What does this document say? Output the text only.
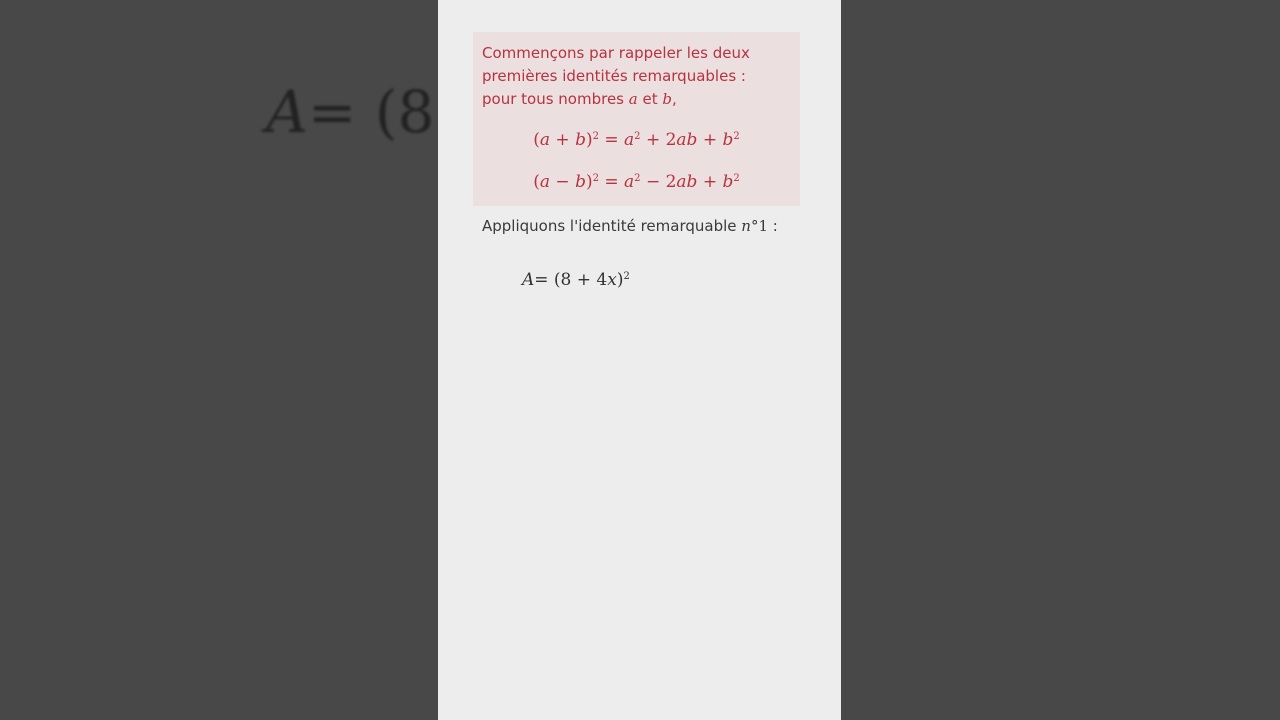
A= (8

Commençons par rappeler les deux
premières identités remarquables :
pour tous nombres a et b,

$(a + b)^2 = a^2 + 2ab + b^2$
$(a - b)^2 = a^2 - 2ab + b^2$
Appliquons l'identité remarquable n°1 :
$A= (8 + 4x)^2$
